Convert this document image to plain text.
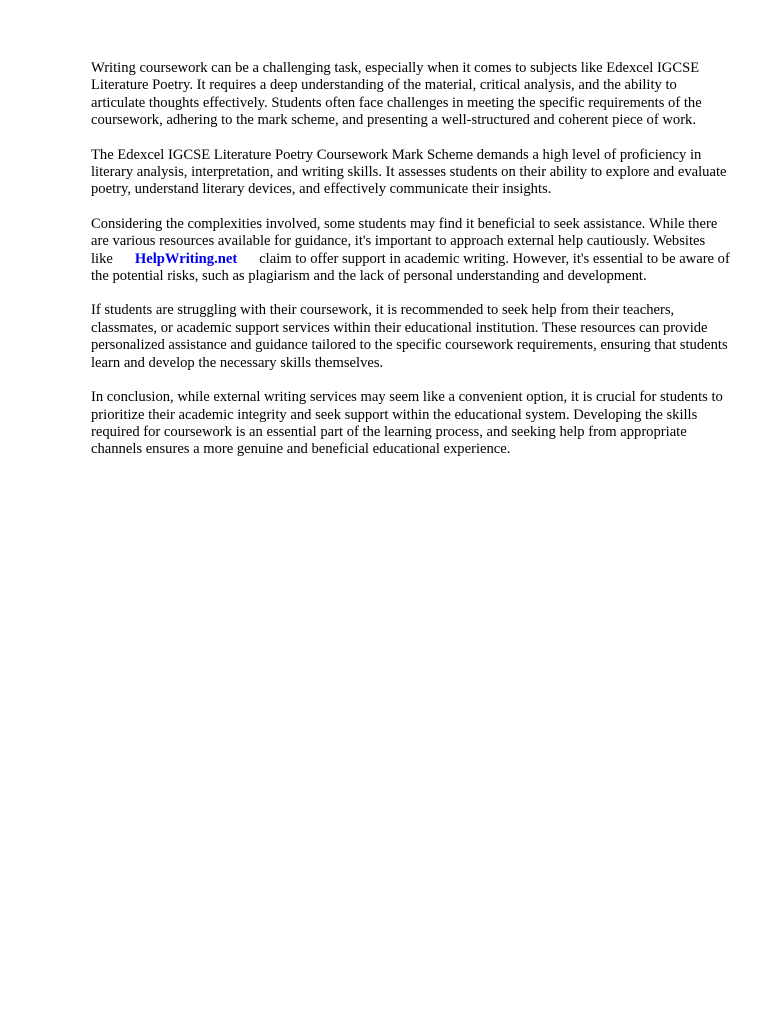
Writing coursework can be a challenging task, especially when it comes to subjects like Edexcel IGCSE Literature Poetry. It requires a deep understanding of the material, critical analysis, and the ability to articulate thoughts effectively. Students often face challenges in meeting the specific requirements of the coursework, adhering to the mark scheme, and presenting a well-structured and coherent piece of work.

The Edexcel IGCSE Literature Poetry Coursework Mark Scheme demands a high level of proficiency in literary analysis, interpretation, and writing skills. It assesses students on their ability to explore and evaluate poetry, understand literary devices, and effectively communicate their insights.

Considering the complexities involved, some students may find it beneficial to seek assistance. While there are various resources available for guidance, it's important to approach external help cautiously. Websites like HelpWriting.net claim to offer support in academic writing. However, it's essential to be aware of the potential risks, such as plagiarism and the lack of personal understanding and development.

If students are struggling with their coursework, it is recommended to seek help from their teachers, classmates, or academic support services within their educational institution. These resources can provide personalized assistance and guidance tailored to the specific coursework requirements, ensuring that students learn and develop the necessary skills themselves.

In conclusion, while external writing services may seem like a convenient option, it is crucial for students to prioritize their academic integrity and seek support within the educational system. Developing the skills required for coursework is an essential part of the learning process, and seeking help from appropriate channels ensures a more genuine and beneficial educational experience.
